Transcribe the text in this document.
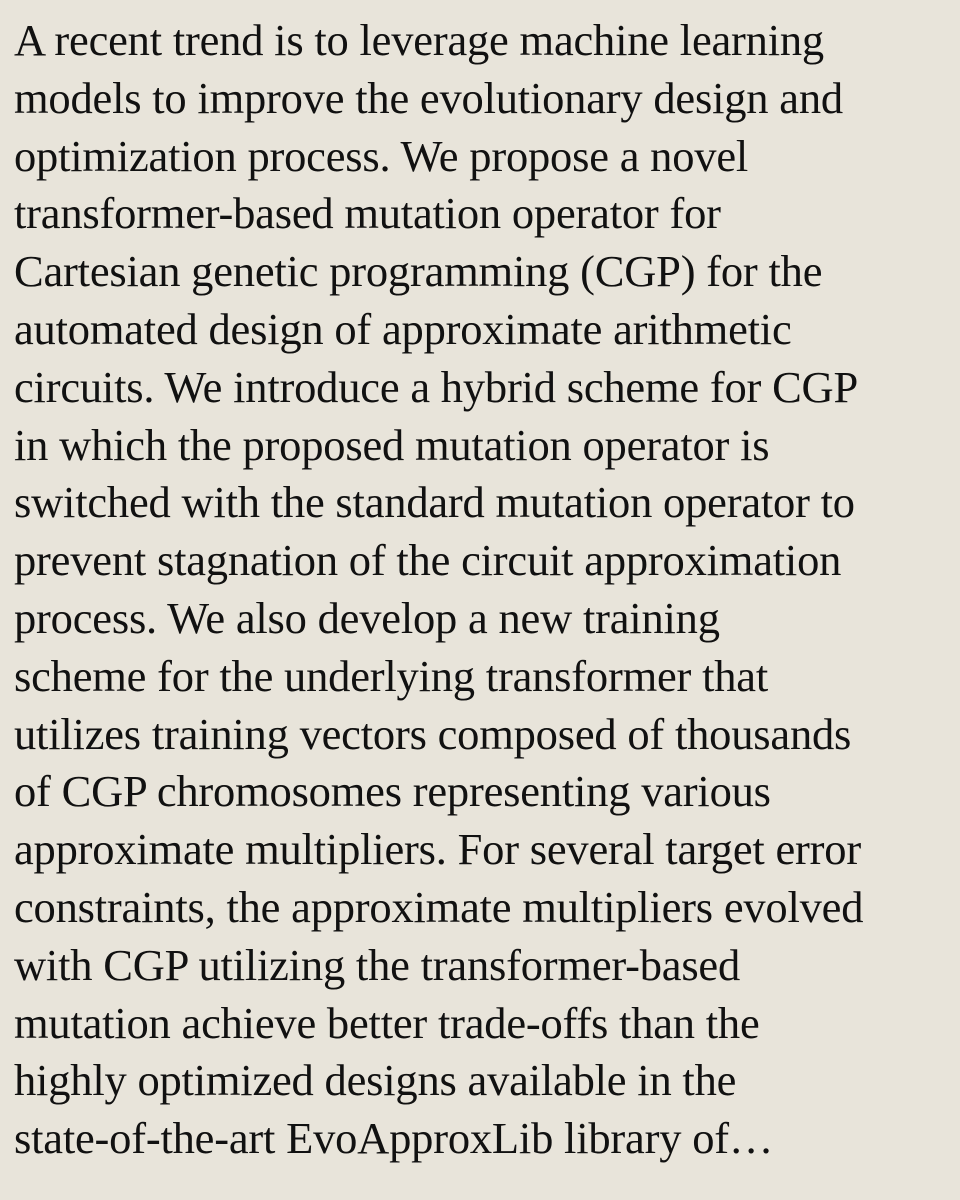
A recent trend is to leverage machine learning
models to improve the evolutionary design and
optimization process. We propose a novel
transformer-based mutation operator for
Cartesian genetic programming (CGP) for the
automated design of approximate arithmetic
circuits. We introduce a hybrid scheme for CGP
in which the proposed mutation operator is
switched with the standard mutation operator to
prevent stagnation of the circuit approximation
process. We also develop a new training
scheme for the underlying transformer that
utilizes training vectors composed of thousands
of CGP chromosomes representing various
approximate multipliers. For several target error
constraints, the approximate multipliers evolved
with CGP utilizing the transformer-based
mutation achieve better trade-offs than the
highly optimized designs available in the
state-of-the-art EvoApproxLib library of…
